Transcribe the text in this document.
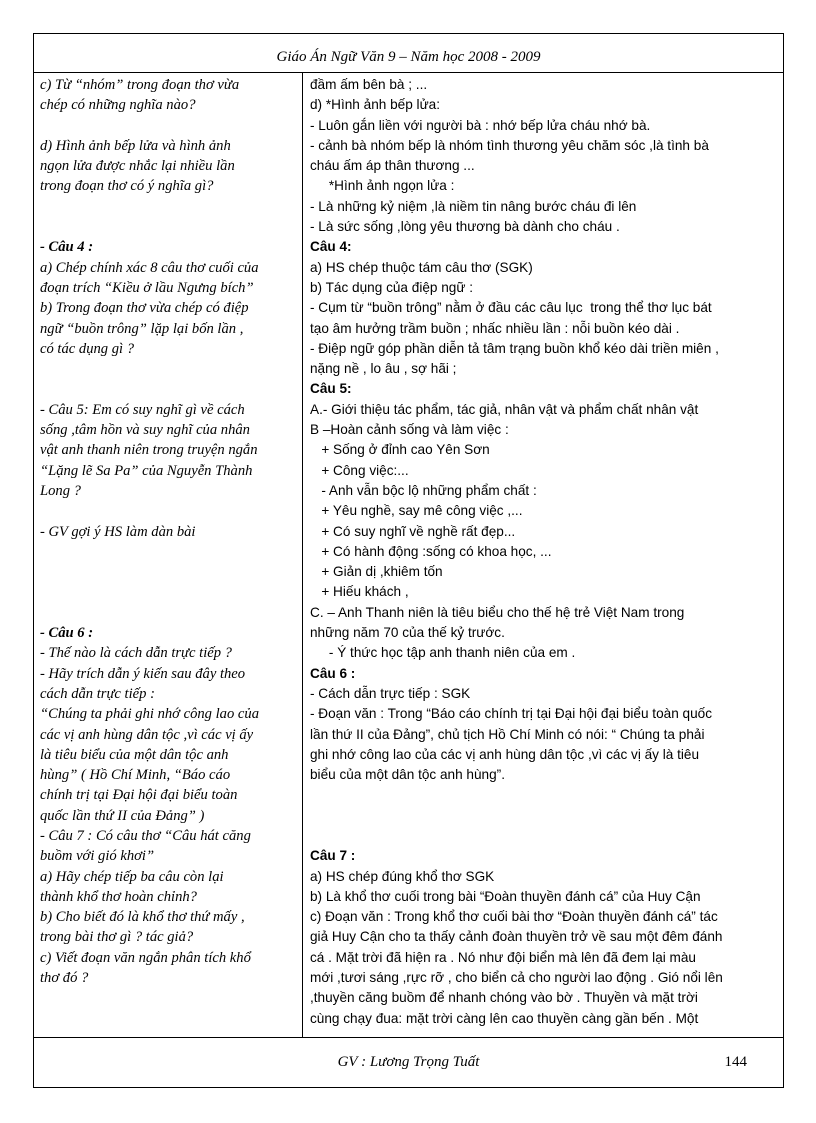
Giáo Án Ngữ Văn 9 – Năm học 2008 - 2009

c) Từ “nhóm” trong đoạn thơ vừa

chép có những nghĩa nào?

d) Hình ảnh bếp lửa và hình ảnh

ngọn lửa được nhắc lại nhiều lần

trong đoạn thơ có ý nghĩa gì?

- Câu 4 :

a) Chép chính xác 8 câu thơ cuối của

đoạn trích “Kiều ở lầu Ngưng bích”

b) Trong đoạn thơ vừa chép có điệp

ngữ “buồn trông” lặp lại bốn lần ,

có tác dụng gì ?

- Câu 5: Em có suy nghĩ gì về cách

sống ,tâm hồn và suy nghĩ của nhân

vật anh thanh niên trong truyện ngắn

“Lặng lẽ Sa Pa” của Nguyễn Thành

Long ?

- GV gợi ý HS làm dàn bài

- Câu 6 :

- Thế nào là cách dẫn trực tiếp ?

- Hãy trích dẫn ý kiến sau đây theo

cách dẫn trực tiếp :

“Chúng ta phải ghi nhớ công lao của

các vị anh hùng dân tộc ,vì các vị ấy

là tiêu biểu của một dân tộc anh

hùng” ( Hồ Chí Minh, “Báo cáo

chính trị tại Đại hội đại biểu toàn

quốc lần thứ II của Đảng” )

- Câu 7 : Có câu thơ “Câu hát căng

buồm với gió khơi”

a) Hãy chép tiếp ba câu còn lại

thành khổ thơ hoàn chỉnh?

b) Cho biết đó là khổ thơ thứ mấy ,

trong bài thơ gì ? tác giả?

c) Viết đoạn văn ngắn phân tích khổ

thơ đó ?

đầm ấm bên bà ; ...

d) *Hình ảnh bếp lửa:

- Luôn gắn liền với người bà : nhớ bếp lửa cháu nhớ bà.

- cảnh bà nhóm bếp là nhóm tình thương yêu chăm sóc ,là tình bà

cháu ấm áp thân thương ...

*Hình ảnh ngọn lửa :

- Là những kỷ niệm ,là niềm tin nâng bước cháu đi lên

- Là sức sống ,lòng yêu thương bà dành cho cháu .

Câu 4:

a) HS chép thuộc tám câu thơ (SGK)

b) Tác dụng của điệp ngữ :

- Cụm từ “buồn trông” nằm ở đầu các câu lục  trong thể thơ lục bát

tạo âm hưởng trầm buồn ; nhấc nhiều lần : nỗi buồn kéo dài .

- Điệp ngữ góp phần diễn tả tâm trạng buồn khổ kéo dài triền miên ,

nặng nề , lo âu , sợ hãi ;

Câu 5:

A.- Giới thiệu tác phẩm, tác giả, nhân vật và phẩm chất nhân vật

B –Hoàn cảnh sống và làm việc :

+ Sống ở đỉnh cao Yên Sơn

+ Công việc:...

- Anh vẫn bộc lộ những phẩm chất :

+ Yêu nghề, say mê công việc ,...

+ Có suy nghĩ về nghề rất đẹp...

+ Có hành động :sống có khoa học, ...

+ Giản dị ,khiêm tốn

+ Hiếu khách ,

C. – Anh Thanh niên là tiêu biểu cho thế hệ trẻ Việt Nam trong

những năm 70 của thế kỷ trước.

- Ý thức học tập anh thanh niên của em .

Câu 6 :

- Cách dẫn trực tiếp : SGK

- Đoạn văn : Trong “Báo cáo chính trị tại Đại hội đại biểu toàn quốc

lần thứ II của Đảng”, chủ tịch Hồ Chí Minh có nói: “ Chúng ta phải

ghi nhớ công lao của các vị anh hùng dân tộc ,vì các vị ấy là tiêu

biểu của một dân tộc anh hùng”.

Câu 7 :

a) HS chép đúng khổ thơ SGK

b) Là khổ thơ cuối trong bài “Đoàn thuyền đánh cá” của Huy Cận

c) Đoạn văn : Trong khổ thơ cuối bài thơ “Đoàn thuyền đánh cá” tác

giả Huy Cận cho ta thấy cảnh đoàn thuyền trở về sau một đêm đánh

cá . Mặt trời đã hiện ra . Nó như đội biển mà lên đã đem lại màu

mới ,tươi sáng ,rực rỡ , cho biển cả cho người lao động . Gió nổi lên

,thuyền căng buồm để nhanh chóng vào bờ . Thuyền và mặt trời

cùng chạy đua: mặt trời càng lên cao thuyền càng gần bến . Một

GV : Lương Trọng Tuất	144
